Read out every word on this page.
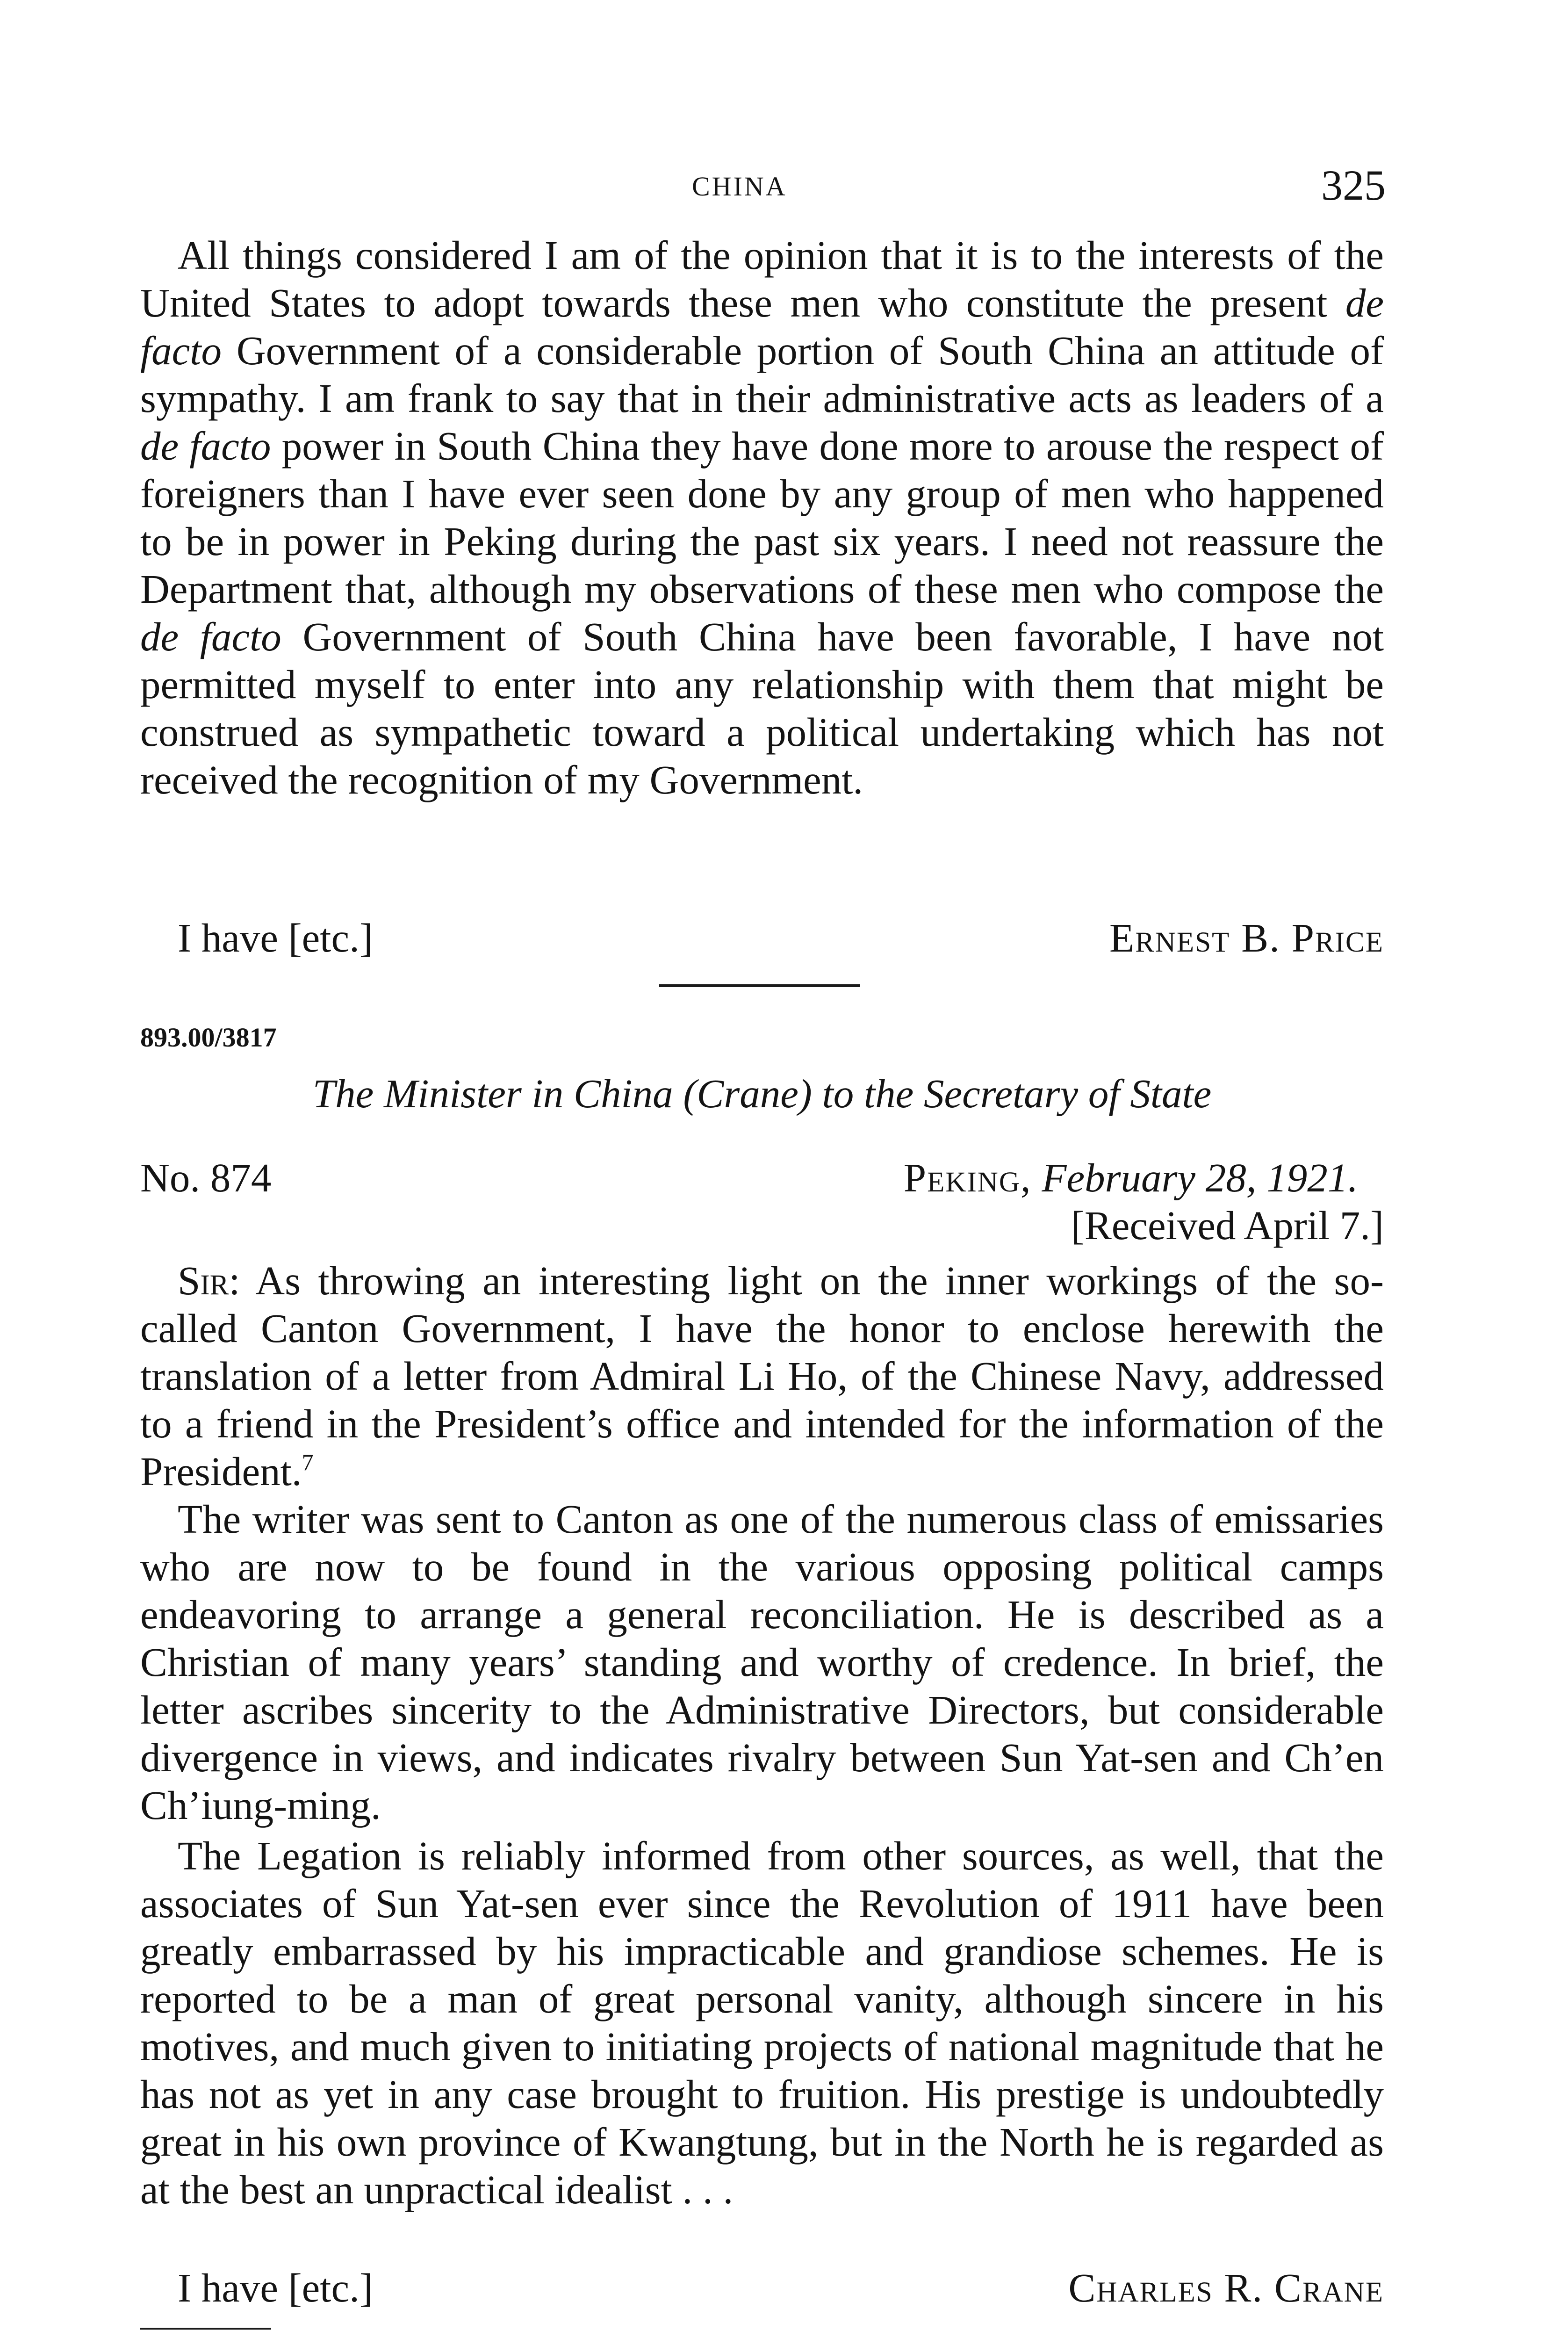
CHINA	325

All things considered I am of the opinion that it is to the interests of the United States to adopt towards these men who constitute the present de facto Government of a considerable portion of South China an attitude of sympathy. I am frank to say that in their administrative acts as leaders of a de facto power in South China they have done more to arouse the respect of foreigners than I have ever seen done by any group of men who happened to be in power in Peking during the past six years. I need not reassure the Department that, although my observations of these men who compose the de facto Government of South China have been favorable, I have not permitted myself to enter into any relationship with them that might be construed as sympathetic toward a political undertaking which has not received the recognition of my Government.

I have [etc.]	Ernest B. Price
893.00/3817
The Minister in China (Crane) to the Secretary of State
No. 874	Peking, February 28, 1921.
[Received April 7.]

Sir: As throwing an interesting light on the inner workings of the so-called Canton Government, I have the honor to enclose herewith the translation of a letter from Admiral Li Ho, of the Chinese Navy, addressed to a friend in the President’s office and intended for the information of the President.$^7$

The writer was sent to Canton as one of the numerous class of emissaries who are now to be found in the various opposing political camps endeavoring to arrange a general reconciliation. He is described as a Christian of many years’ standing and worthy of credence. In brief, the letter ascribes sincerity to the Administrative Directors, but considerable divergence in views, and indicates rivalry between Sun Yat-sen and Ch’en Ch’iung-ming.

The Legation is reliably informed from other sources, as well, that the associates of Sun Yat-sen ever since the Revolution of 1911 have been greatly embarrassed by his impracticable and grandiose schemes. He is reported to be a man of great personal vanity, although sincere in his motives, and much given to initiating projects of national magnitude that he has not as yet in any case brought to fruition. His prestige is undoubtedly great in his own province of Kwangtung, but in the North he is regarded as at the best an unpractical idealist . . .

I have [etc.]	Charles R. Crane
